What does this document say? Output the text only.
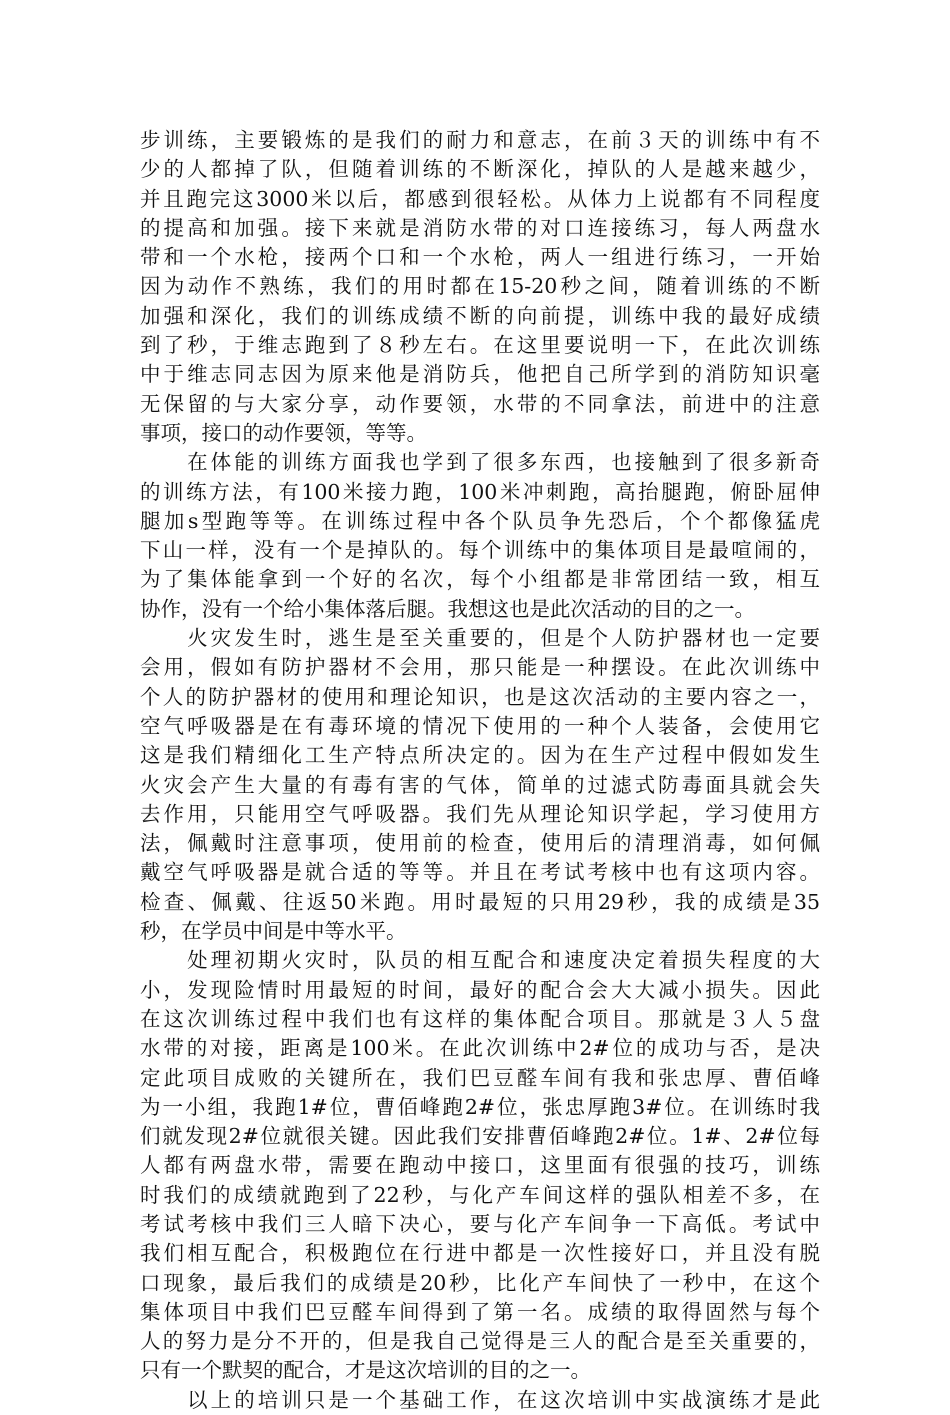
步训练，主要锻炼的是我们的耐力和意志，在前３天的训练中有不
少的人都掉了队，但随着训练的不断深化，掉队的人是越来越少，
并且跑完这3000米以后，都感到很轻松。从体力上说都有不同程度
的提高和加强。接下来就是消防水带的对口连接练习，每人两盘水
带和一个水枪，接两个口和一个水枪，两人一组进行练习，一开始
因为动作不熟练，我们的用时都在15-20秒之间，随着训练的不断
加强和深化，我们的训练成绩不断的向前提，训练中我的最好成绩
到了秒，于维志跑到了８秒左右。在这里要说明一下，在此次训练
中于维志同志因为原来他是消防兵，他把自己所学到的消防知识毫
无保留的与大家分享，动作要领，水带的不同拿法，前进中的注意
事项，接口的动作要领，等等。
　　在体能的训练方面我也学到了很多东西，也接触到了很多新奇
的训练方法，有100米接力跑，100米冲刺跑，高抬腿跑，俯卧屈伸
腿加s型跑等等。在训练过程中各个队员争先恐后，个个都像猛虎
下山一样，没有一个是掉队的。每个训练中的集体项目是最喧闹的，
为了集体能拿到一个好的名次，每个小组都是非常团结一致，相互
协作，没有一个给小集体落后腿。我想这也是此次活动的目的之一。
　　火灾发生时，逃生是至关重要的，但是个人防护器材也一定要
会用，假如有防护器材不会用，那只能是一种摆设。在此次训练中
个人的防护器材的使用和理论知识，也是这次活动的主要内容之一，
空气呼吸器是在有毒环境的情况下使用的一种个人装备，会使用它
这是我们精细化工生产特点所决定的。因为在生产过程中假如发生
火灾会产生大量的有毒有害的气体，简单的过滤式防毒面具就会失
去作用，只能用空气呼吸器。我们先从理论知识学起，学习使用方
法，佩戴时注意事项，使用前的检查，使用后的清理消毒，如何佩
戴空气呼吸器是就合适的等等。并且在考试考核中也有这项内容。
检查、佩戴、往返50米跑。用时最短的只用29秒，我的成绩是35
秒，在学员中间是中等水平。
　　处理初期火灾时，队员的相互配合和速度决定着损失程度的大
小，发现险情时用最短的时间，最好的配合会大大减小损失。因此
在这次训练过程中我们也有这样的集体配合项目。那就是３人５盘
水带的对接，距离是100米。在此次训练中2#位的成功与否，是决
定此项目成败的关键所在，我们巴豆醛车间有我和张忠厚、曹佰峰
为一小组，我跑1#位，曹佰峰跑2#位，张忠厚跑3#位。在训练时我
们就发现2#位就很关键。因此我们安排曹佰峰跑2#位。1#、2#位每
人都有两盘水带，需要在跑动中接口，这里面有很强的技巧，训练
时我们的成绩就跑到了22秒，与化产车间这样的强队相差不多，在
考试考核中我们三人暗下决心，要与化产车间争一下高低。考试中
我们相互配合，积极跑位在行进中都是一次性接好口，并且没有脱
口现象，最后我们的成绩是20秒，比化产车间快了一秒中，在这个
集体项目中我们巴豆醛车间得到了第一名。成绩的取得固然与每个
人的努力是分不开的，但是我自己觉得是三人的配合是至关重要的，
只有一个默契的配合，才是这次培训的目的之一。
　　以上的培训只是一个基础工作，在这次培训中实战演练才是此
